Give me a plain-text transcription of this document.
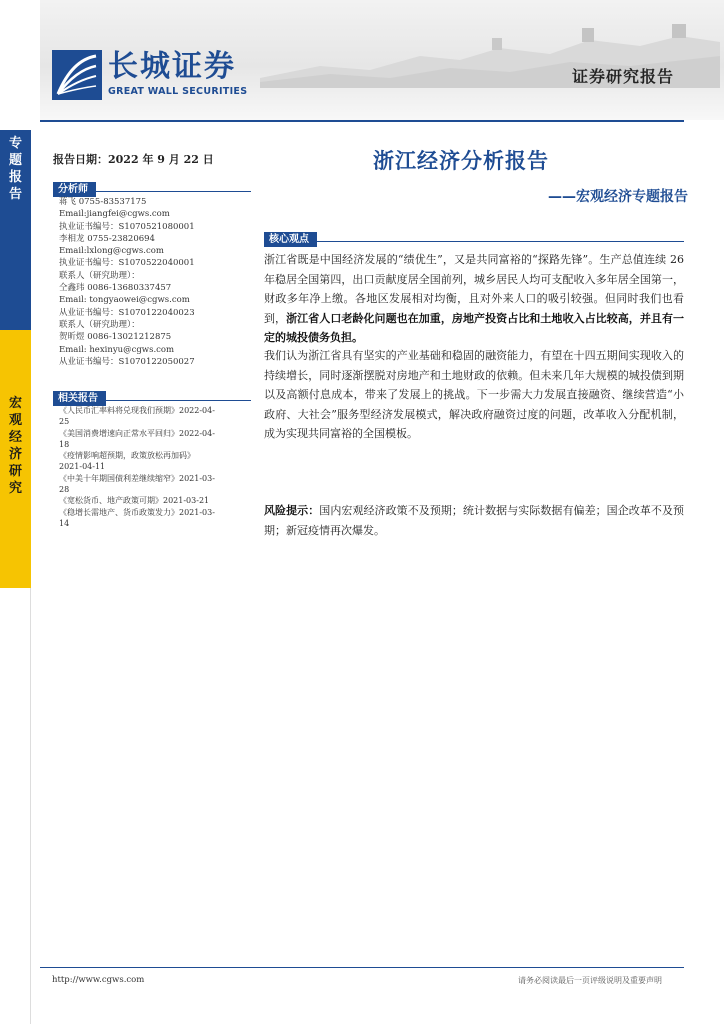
专
题
报
告
宏
观
经
济
研
究
长城证券
GREAT WALL SECURITIES
证券研究报告
报告日期：2022 年 9 月 22 日
分析师
蒋飞 0755-83537175
Email:jiangfei@cgws.com
执业证书编号：S1070521080001
李相龙 0755-23820694
Email:lxlong@cgws.com
执业证书编号：S1070522040001
联系人（研究助理）：
仝鑫玮 0086-13680337457
Email: tongyaowei@cgws.com
从业证书编号：S1070122040023
联系人（研究助理）：
贺昕煜 0086-13021212875
Email: hexinyu@cgws.com
从业证书编号：S1070122050027
相关报告
《人民币汇率料将兑现我们预期》2022-04-
25
《美国消费增速向正常水平回归》2022-04-
18
《疫情影响超预期，政策放松再加码》
2021-04-11
《中美十年期国债利差继续缩窄》2021-03-
28
《宽松货币、地产政策可期》2021-03-21
《稳增长需地产、货币政策发力》2021-03-
14
浙江经济分析报告
——宏观经济专题报告
核心观点
浙江省既是中国经济发展的“绩优生”，又是共同富裕的“探路先锋”。生产总值连续 26 年稳居全国第四，出口贡献度居全国前列，城乡居民人均可支配收入多年居全国第一，财政多年净上缴。各地区发展相对均衡，且对外来人口的吸引较强。但同时我们也看到，浙江省人口老龄化问题也在加重，房地产投资占比和土地收入占比较高，并且有一定的城投债务负担。
我们认为浙江省具有坚实的产业基础和稳固的融资能力，有望在十四五期间实现收入的持续增长，同时逐渐摆脱对房地产和土地财政的依赖。但未来几年大规模的城投债到期以及高额付息成本，带来了发展上的挑战。下一步需大力发展直接融资、继续营造“小政府、大社会”服务型经济发展模式，解决政府融资过度的问题，改革收入分配机制，成为实现共同富裕的全国模板。
风险提示：国内宏观经济政策不及预期；统计数据与实际数据有偏差；国企改革不及预期；新冠疫情再次爆发。
http://www.cgws.com	请务必阅读最后一页评级说明及重要声明
